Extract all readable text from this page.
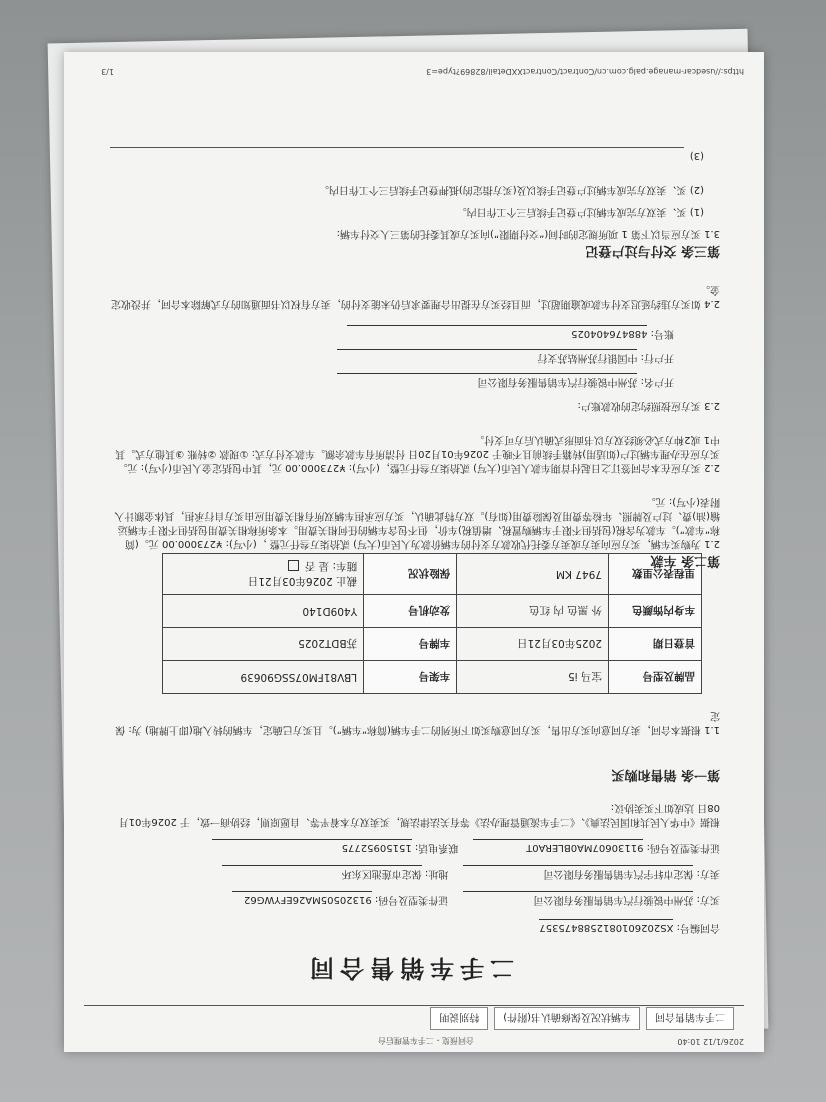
2026/1/12 10:40
合同预览 - 二手车管理后台
二手车销售合同
车辆状况及保修确认书(附件)
特别说明
二手车销售合同
合同编号: XS202601081258847535​7
买方: 苏州中锐骏行汽车销售服务有限公司 证件类型及号码: 9132050​5MA26EFYWG62
卖方: 保定市轩宇汽车销售服务有限公司 地址: 保定市莲池区东环
证件类型及号码: 91130607MA0BLERA0T 联系电话: 15150952775
根据《中华人民共和国民法典》、《二手车流通管理办法》等有关法律法规，买卖双方本着平等、自愿原则，经协商一致，于 2026年01月08日 达成如下买卖协议:
第一条 销售和购买
1.1 根据本合同，卖方同意向买方出售，买方同意购买如下所列的二手车辆(简称“车辆”)。且买方已确定，车辆的转入地(即上牌地) 为: 保定
品牌及型号	宝马 i5	车架号	LBV81FM07SSG90639
首登日期	2025年03月21日	车牌号	苏BDT2025
车身内饰颜色	外 黑色 内 红色	发动机号	Y409D140
里程表公里数	7947 KM	保险状况	截止 2026年03月21日
随车: 是 否	第二条 车款
2.1 为购买车辆，买方应向卖方或卖方委托代收款方支付的车辆价款为人民币(大写) 贰拾柒万叁仟元整 ，(小写): ¥273000.00 元。(简称“车款”)。车款为含税(包括但不限于车辆购置税、增值税)车价，但不包含车辆的任何相关费用。本条所称相关费用包括但不限于车辆运输(油)费、过户及牌照、年检等费用及保险费用(如有)。双方特此确认，买方应承担车辆双所有相关费用应由买方自行承担，具体金额计入附表(小写): 元。
2.2 买方应在本合同签订之日起付首期车款人民币(大写) 贰拾柒万叁仟元整，(小写): ¥273000.00 元，其中包括定金人民币(小写): 元。买方应在办理车辆过户(如适用)转籍手续前且不晚于 2026年01月20日 付清所有车款余额。车款支付方式: ①现款 ②转账 ③其他方式。其中1 或2种方式必须经双方以书面形式确认后方可支付。
2.3 买方应按照约定的收款账户:
开户名: 苏州中锐骏行汽车销售服务有限公司
开户行: 中国银行苏州姑苏支行
账号: 488476404025
2.4 如买方违约延迟支付车款或逾期超过，而且经买方在提出合理要求后仍未能支付的，卖方有权以书面通知的方式解除本合同，并没收定金。
第三条 交付与过户登记
3.1 买方应当以下第 1 项所规定的时间(“交付期限”)向买方或其委托的第三人交付车辆:
(1) 买、卖双方完成车辆过户登记手续后三个工作日内。
(2) 买、卖双方完成车辆过户登记手续以及(买方指定的)抵押登记手续后三个工作日内。
(3)
https://usedcar-manage.palg.com.cn/Contract/ContractXXDetail/82869?type=3
1/3
